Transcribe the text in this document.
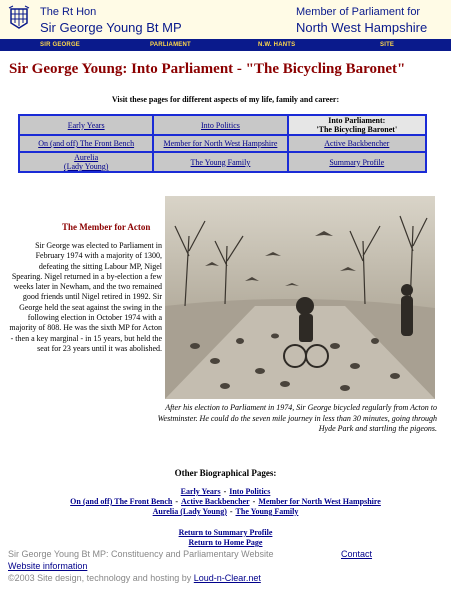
The Rt Hon
Sir George Young Bt MP
Member of Parliament for
North West Hampshire
SIR GEORGE	PARLIAMENT	N.W. HANTS	SITE
Sir George Young: Into Parliament - "The Bicycling Baronet"
Visit these pages for different aspects of my life, family and career:
Early Years	Into Politics	Into Parliament:
'The Bicycling Baronet'
On (and off) The Front Bench	Member for North West Hampshire	Active Backbencher
Aurelia
(Lady Young)	The Young Family	Summary Profile
The Member for Acton
Sir George was elected to Parliament in February 1974 with a majority of 1300, defeating the sitting Labour MP, Nigel Spearing. Nigel returned in a by-election a few weeks later in Newham, and the two remained good friends until Nigel retired in 1992. Sir George held the seat against the swing in the following election in October 1974 with a majority of 808. He was the sixth MP for Acton - then a key marginal - in 15 years, but held the seat for 23 years until it was abolished.
After his election to Parliament in 1974, Sir George bicycled regularly from Acton to Westminster. He could do the seven mile journey in less than 30 minutes, going through Hyde Park and startling the pigeons.
Other Biographical Pages:
Early Years - Into Politics
On (and off) The Front Bench - Active Backbencher - Member for North West Hampshire
Aurelia (Lady Young) - The Young Family
Return to Summary Profile
Return to Home Page
Sir George Young Bt MP: Constituency and Parliamentary Website	Contact
Website information
©2003 Site design, technology and hosting by Loud-n-Clear.net
